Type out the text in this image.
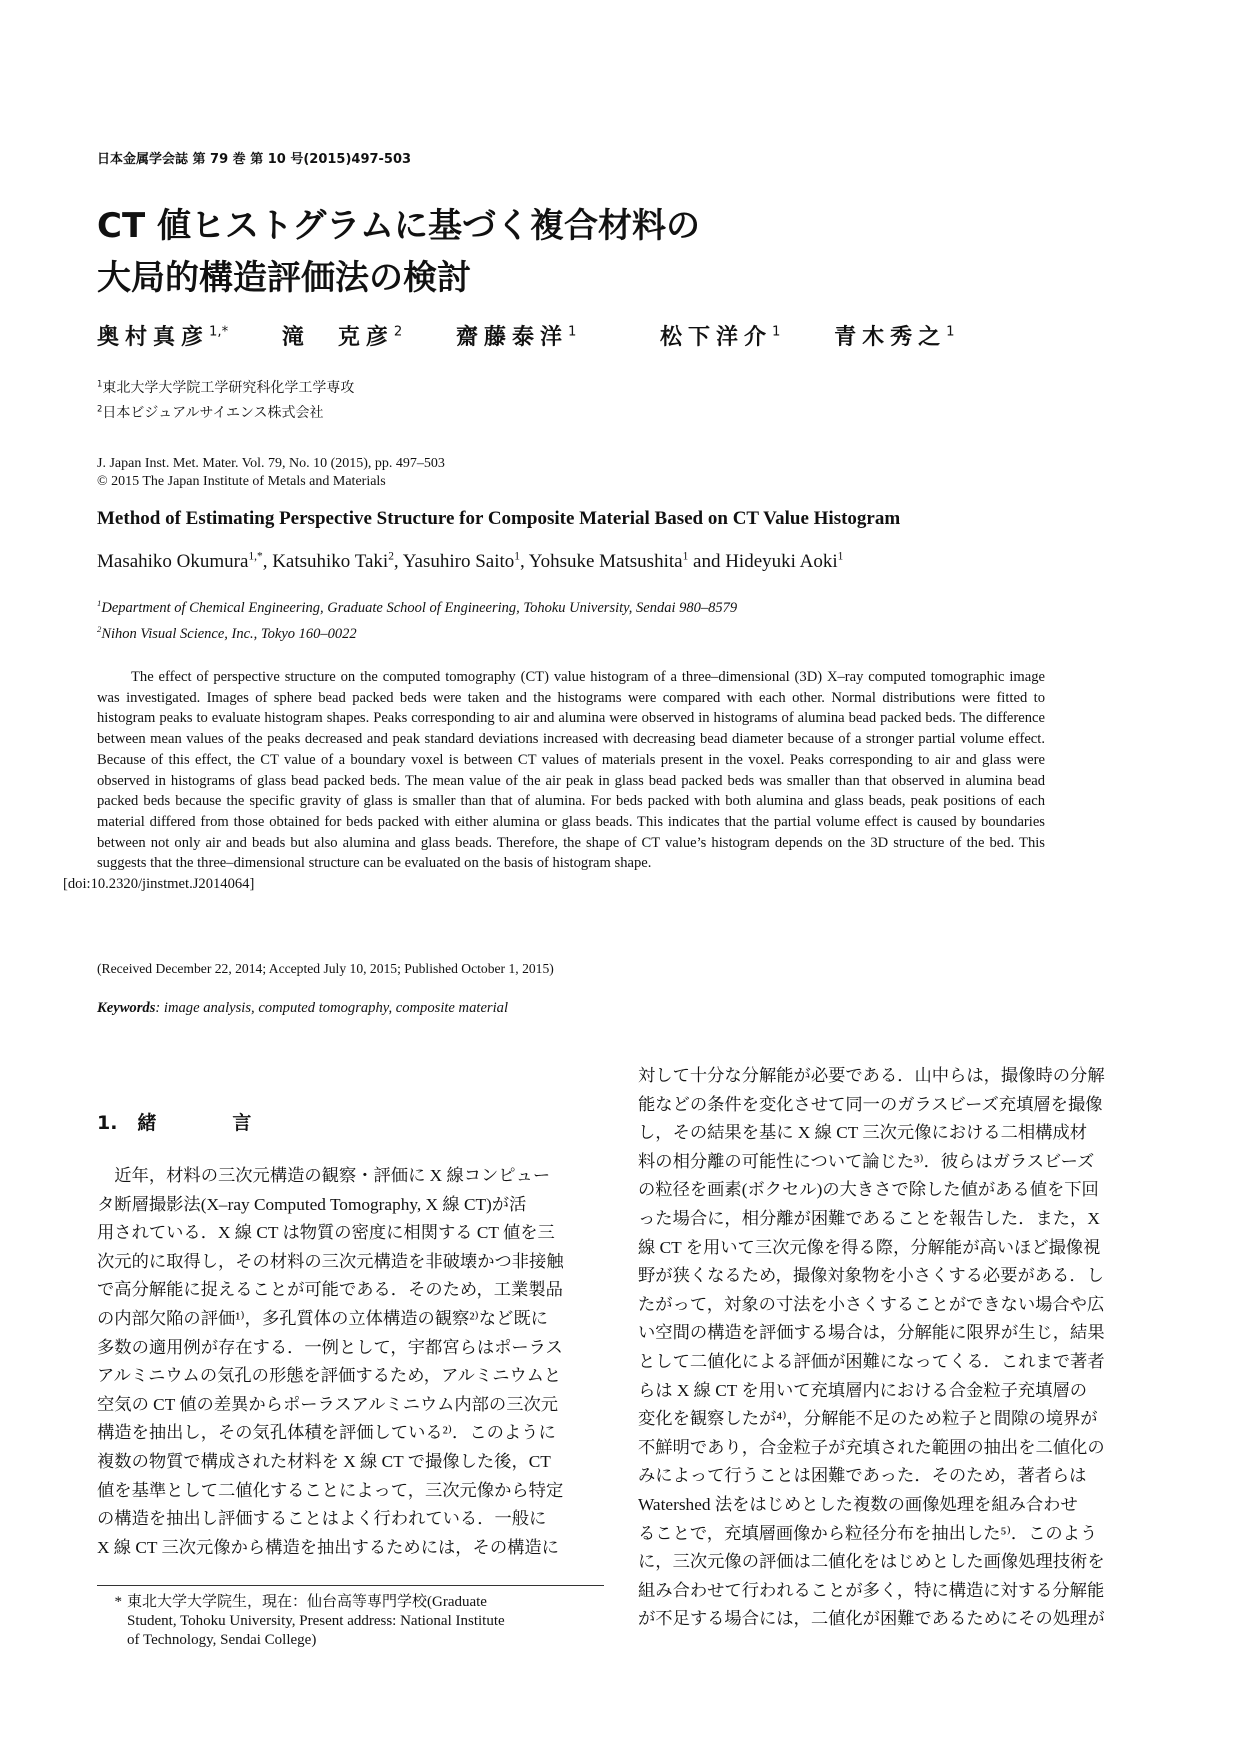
日本金属学会誌 第 79 巻 第 10 号(2015)497-503
CT 値ヒストグラムに基づく複合材料の
大局的構造評価法の検討
奥村真彦$^{1,*}$ 滝　克彦$^2$ 齋藤泰洋$^1$	松下洋介$^1$ 青木秀之$^1$
$^1$東北大学大学院工学研究科化学工学専攻
$^2$日本ビジュアルサイエンス株式会社
J. Japan Inst. Met. Mater. Vol. 79, No. 10 (2015), pp. 497–503
© 2015 The Japan Institute of Metals and Materials
Method of Estimating Perspective Structure for Composite Material Based on CT Value Histogram
Masahiko Okumura$^{1,*}$, Katsuhiko Taki$^2$, Yasuhiro Saito$^1$, Yohsuke Matsushita$^1$ and Hideyuki Aoki$^1$
$^1$Department of Chemical Engineering, Graduate School of Engineering, Tohoku University, Sendai 980–8579
$^2$Nihon Visual Science, Inc., Tokyo 160–0022
The effect of perspective structure on the computed tomography (CT) value histogram of a three–dimensional (3D) X–ray computed tomographic image was investigated. Images of sphere bead packed beds were taken and the histograms were compared with each other. Normal distributions were fitted to histogram peaks to evaluate histogram shapes. Peaks corresponding to air and alumina were observed in histograms of alumina bead packed beds. The difference between mean values of the peaks decreased and peak standard deviations increased with decreasing bead diameter because of a stronger partial volume effect. Because of this effect, the CT value of a boundary voxel is between CT values of materials present in the voxel. Peaks corresponding to air and glass were observed in histograms of glass bead packed beds. The mean value of the air peak in glass bead packed beds was smaller than that observed in alumina bead packed beds because the specific gravity of glass is smaller than that of alumina. For beds packed with both alumina and glass beads, peak positions of each material differed from those obtained for beds packed with either alumina or glass beads. This indicates that the partial volume effect is caused by boundaries between not only air and beads but also alumina and glass beads. Therefore, the shape of CT value’s histogram depends on the 3D structure of the bed. This suggests that the three–dimensional structure can be evaluated on the basis of histogram shape.
[doi:10.2320/jinstmet.J2014064]
(Received December 22, 2014; Accepted July 10, 2015; Published October 1, 2015)
Keywords: image analysis, computed tomography, composite material
1. 緒	言
　近年，材料の三次元構造の観察・評価に X 線コンピュー
タ断層撮影法(X–ray Computed Tomography, X 線 CT)が活
用されている．X 線 CT は物質の密度に相関する CT 値を三
次元的に取得し，その材料の三次元構造を非破壊かつ非接触
で高分解能に捉えることが可能である．そのため，工業製品
の内部欠陥の評価¹⁾，多孔質体の立体構造の観察²⁾など既に
多数の適用例が存在する．一例として，宇都宮らはポーラス
アルミニウムの気孔の形態を評価するため，アルミニウムと
空気の CT 値の差異からポーラスアルミニウム内部の三次元
構造を抽出し，その気孔体積を評価している²⁾．このように
複数の物質で構成された材料を X 線 CT で撮像した後，CT
値を基準として二値化することによって，三次元像から特定
の構造を抽出し評価することはよく行われている．一般に
X 線 CT 三次元像から構造を抽出するためには，その構造に
対して十分な分解能が必要である．山中らは，撮像時の分解
能などの条件を変化させて同一のガラスビーズ充填層を撮像
し，その結果を基に X 線 CT 三次元像における二相構成材
料の相分離の可能性について論じた³⁾．彼らはガラスビーズ
の粒径を画素(ボクセル)の大きさで除した値がある値を下回
った場合に，相分離が困難であることを報告した．また，X
線 CT を用いて三次元像を得る際，分解能が高いほど撮像視
野が狭くなるため，撮像対象物を小さくする必要がある．し
たがって，対象の寸法を小さくすることができない場合や広
い空間の構造を評価する場合は，分解能に限界が生じ，結果
として二値化による評価が困難になってくる．これまで著者
らは X 線 CT を用いて充填層内における合金粒子充填層の
変化を観察したが⁴⁾，分解能不足のため粒子と間隙の境界が
不鮮明であり，合金粒子が充填された範囲の抽出を二値化の
みによって行うことは困難であった．そのため，著者らは
Watershed 法をはじめとした複数の画像処理を組み合わせ
ることで，充填層画像から粒径分布を抽出した⁵⁾．このよう
に，三次元像の評価は二値化をはじめとした画像処理技術を
組み合わせて行われることが多く，特に構造に対する分解能
が不足する場合には，二値化が困難であるためにその処理が
* 東北大学大学院生，現在：仙台高等専門学校(Graduate
Student, Tohoku University, Present address: National Institute
of Technology, Sendai College)
